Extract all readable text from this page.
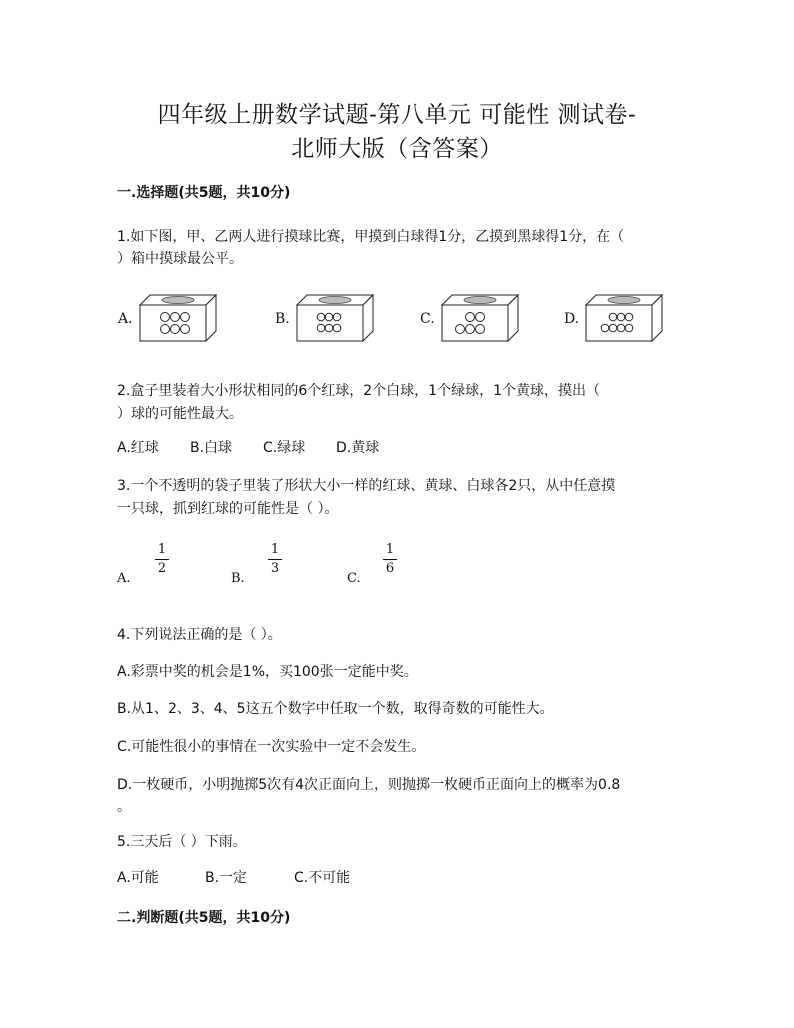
四年级上册数学试题-第八单元 可能性 测试卷-
北师大版（含答案）
一.选择题(共5题，共10分)
1.如下图，甲、乙两人进行摸球比赛，甲摸到白球得1分，乙摸到黑球得1分，在（
）箱中摸球最公平。
A.	B.	C.	D.
2.盒子里装着大小形状相同的6个红球，2个白球，1个绿球，1个黄球，摸出（
）球的可能性最大。
A.红球 B.白球 C.绿球 D.黄球
3.一个不透明的袋子里装了形状大小一样的红球、黄球、白球各2只，从中任意摸
一只球，抓到红球的可能性是（ ）。
A.
1
2
B.
1
3
C.
1
6
4.下列说法正确的是（ ）。
A.彩票中奖的机会是1%，买100张一定能中奖。
B.从1、2、3、4、5这五个数字中任取一个数，取得奇数的可能性大。
C.可能性很小的事情在一次实验中一定不会发生。
D.一枚硬币，小明抛掷5次有4次正面向上，则抛掷一枚硬币正面向上的概率为0.8
。
5.三天后（ ）下雨。
A.可能	B.一定	C.不可能
二.判断题(共5题，共10分)
